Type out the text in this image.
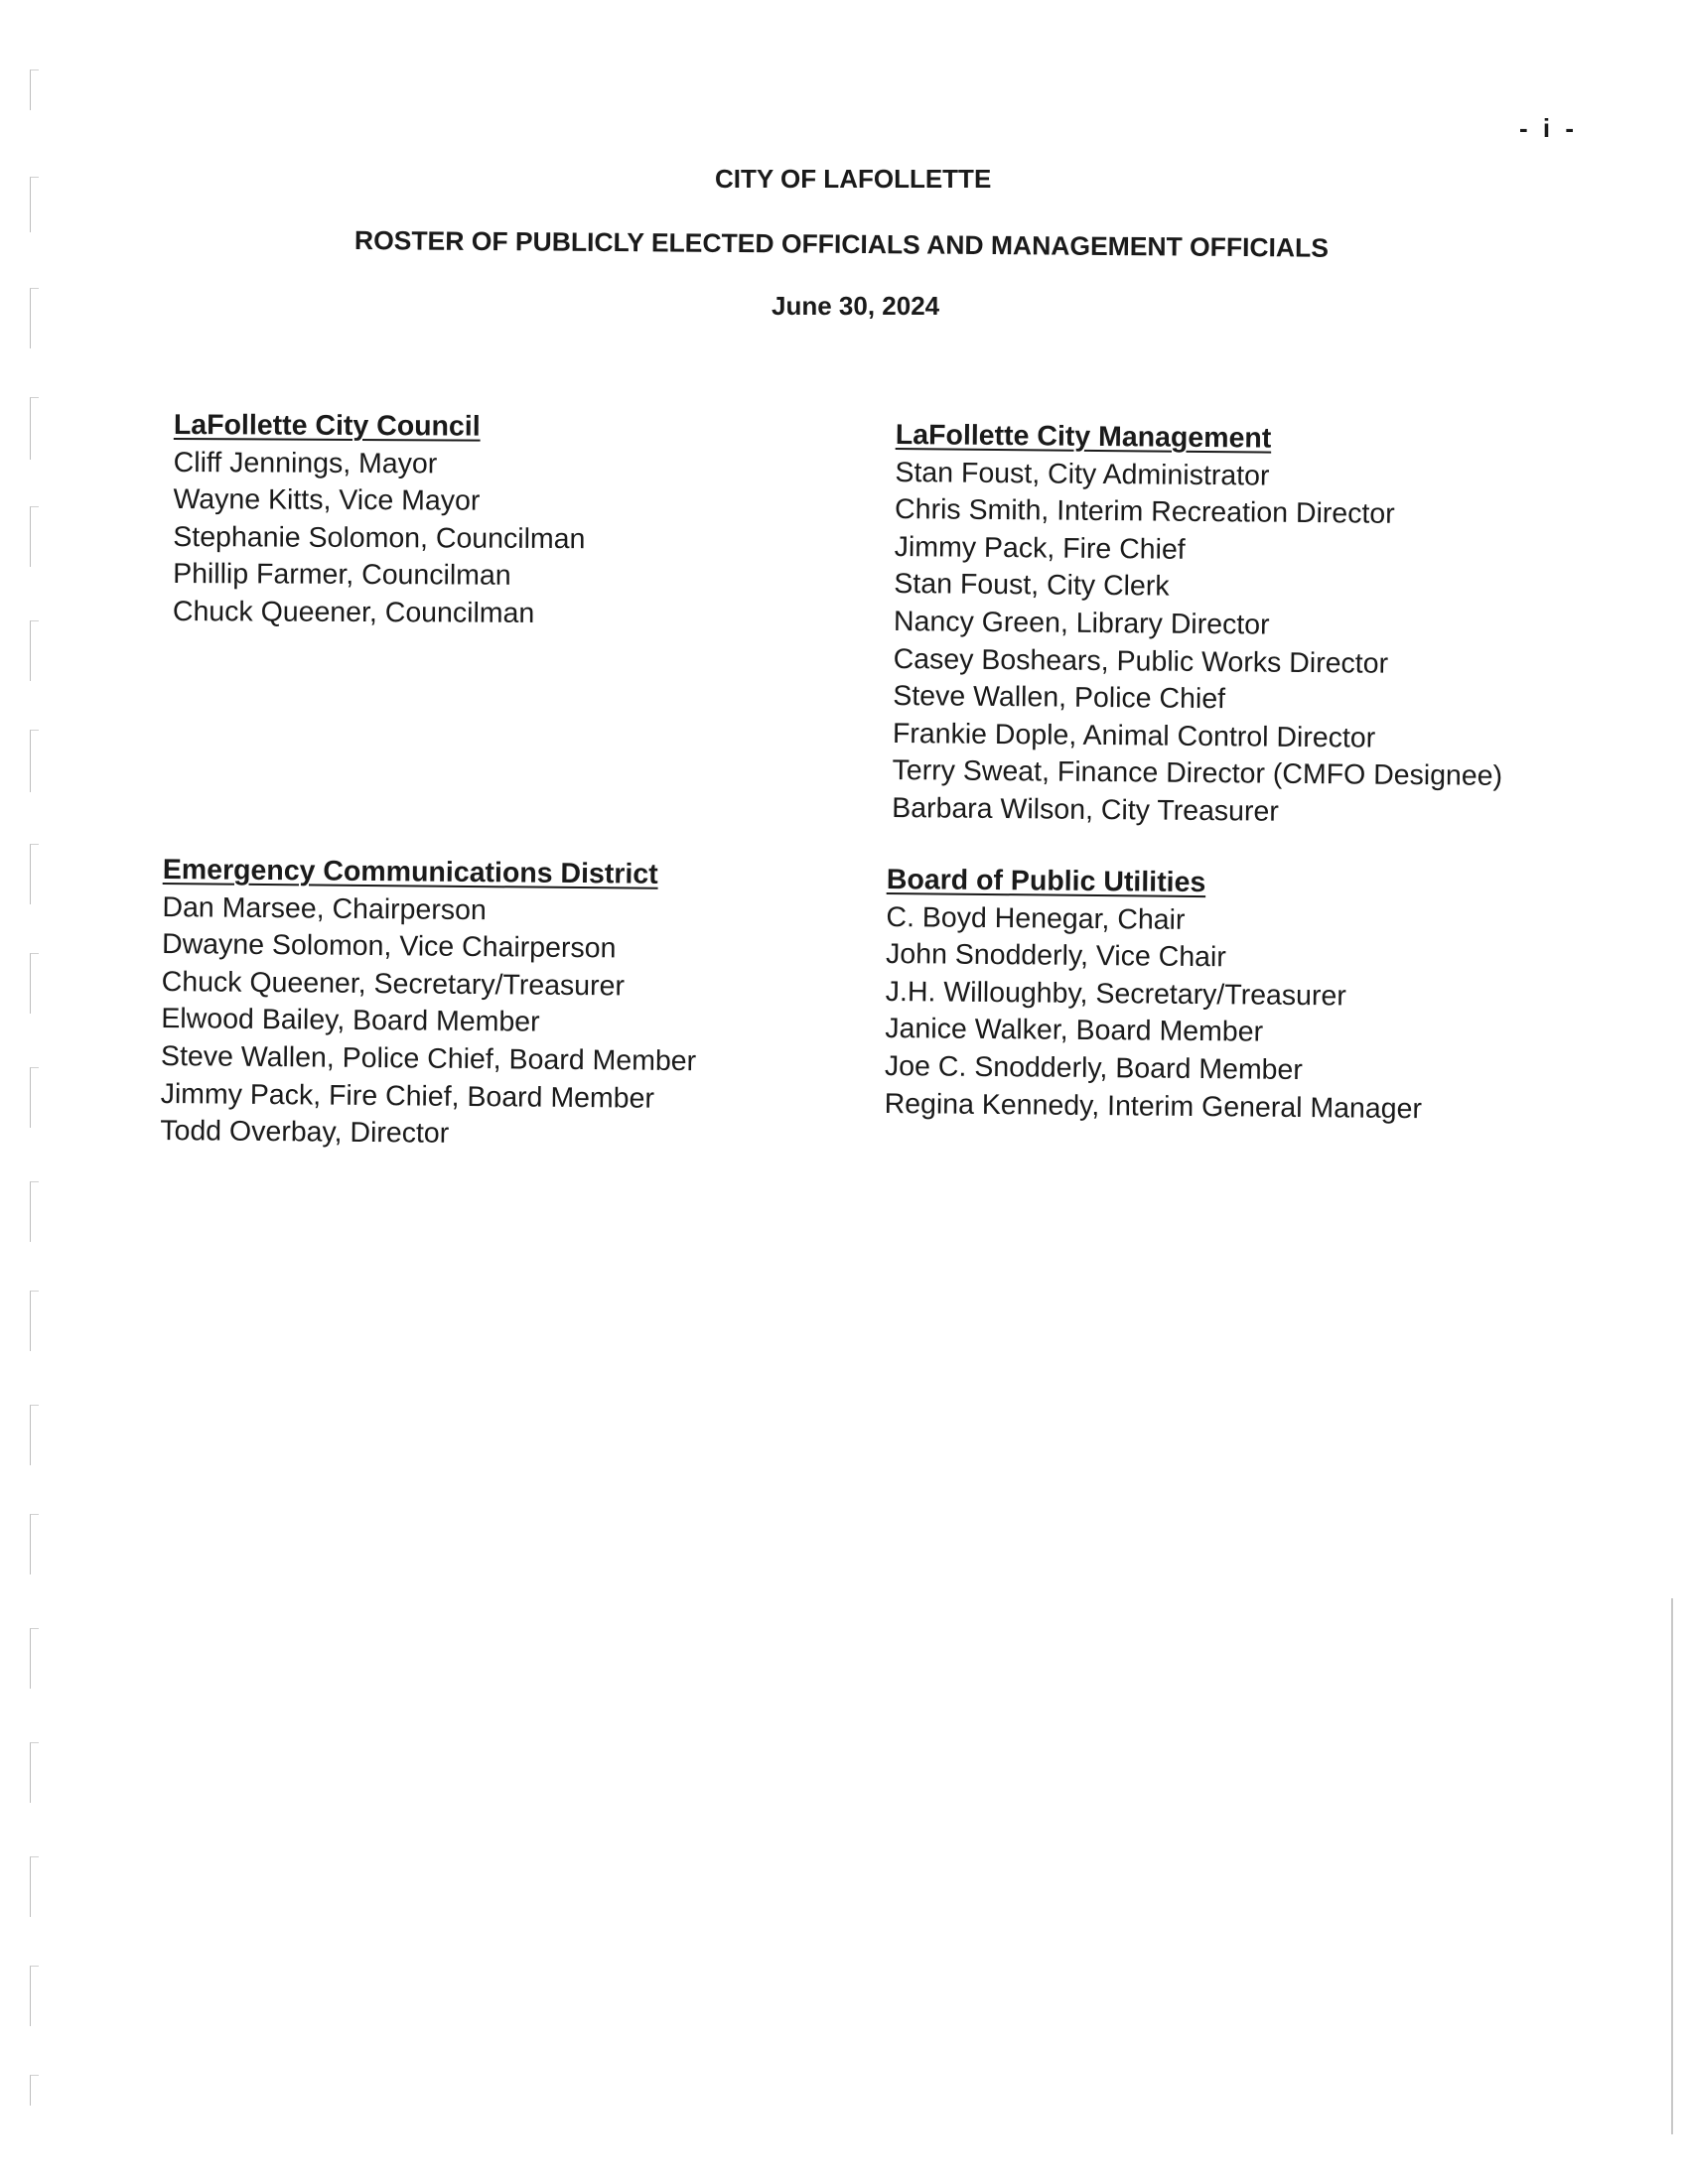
- i -
CITY OF LAFOLLETTE
ROSTER OF PUBLICLY ELECTED OFFICIALS AND MANAGEMENT OFFICIALS
June 30, 2024
LaFollette City Council
Cliff Jennings, Mayor
Wayne Kitts, Vice Mayor
Stephanie Solomon, Councilman
Phillip Farmer, Councilman
Chuck Queener, Councilman
LaFollette City Management
Stan Foust, City Administrator
Chris Smith, Interim Recreation Director
Jimmy Pack, Fire Chief
Stan Foust, City Clerk
Nancy Green, Library Director
Casey Boshears, Public Works Director
Steve Wallen, Police Chief
Frankie Dople, Animal Control Director
Terry Sweat, Finance Director (CMFO Designee)
Barbara Wilson, City Treasurer
Emergency Communications District
Dan Marsee, Chairperson
Dwayne Solomon, Vice Chairperson
Chuck Queener, Secretary/Treasurer
Elwood Bailey, Board Member
Steve Wallen, Police Chief, Board Member
Jimmy Pack, Fire Chief, Board Member
Todd Overbay, Director
Board of Public Utilities
C. Boyd Henegar, Chair
John Snodderly, Vice Chair
J.H. Willoughby, Secretary/Treasurer
Janice Walker, Board Member
Joe C. Snodderly, Board Member
Regina Kennedy, Interim General Manager
